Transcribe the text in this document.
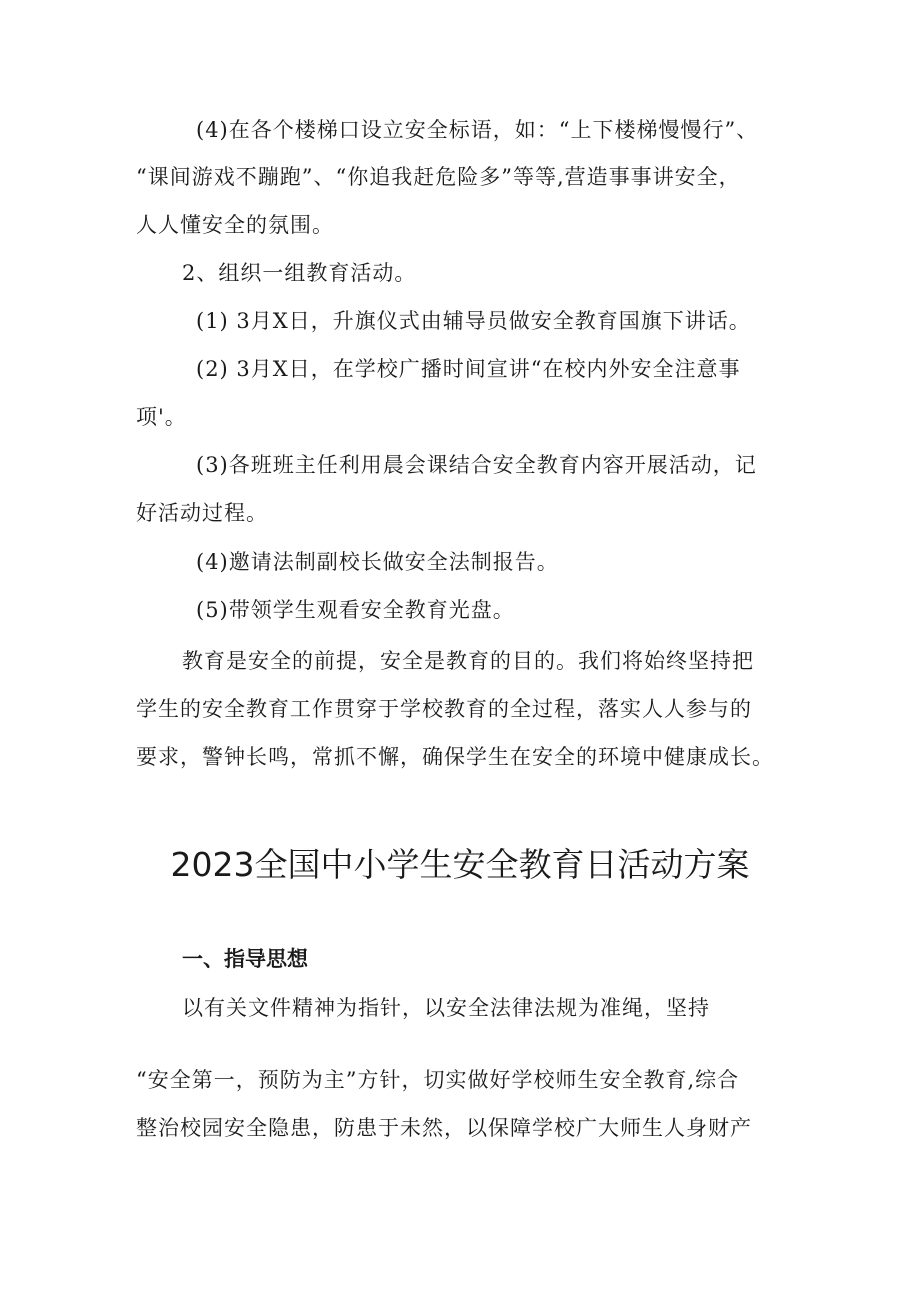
(4)在各个楼梯口设立安全标语，如：“上下楼梯慢慢行”、
“课间游戏不蹦跑”、“你追我赶危险多”等等,营造事事讲安全，
人人懂安全的氛围。
2、组织一组教育活动。
(1) 3月X日，升旗仪式由辅导员做安全教育国旗下讲话。
(2) 3月X日，在学校广播时间宣讲“在校内外安全注意事
项'。
(3)各班班主任利用晨会课结合安全教育内容开展活动，记
好活动过程。
(4)邀请法制副校长做安全法制报告。
(5)带领学生观看安全教育光盘。
教育是安全的前提，安全是教育的目的。我们将始终坚持把
学生的安全教育工作贯穿于学校教育的全过程，落实人人参与的
要求，警钟长鸣，常抓不懈，确保学生在安全的环境中健康成长。
2023全国中小学生安全教育日活动方案
一、指导思想
以有关文件精神为指针，以安全法律法规为准绳，坚持
“安全第一，预防为主”方针，切实做好学校师生安全教育,综合
整治校园安全隐患，防患于未然，以保障学校广大师生人身财产
